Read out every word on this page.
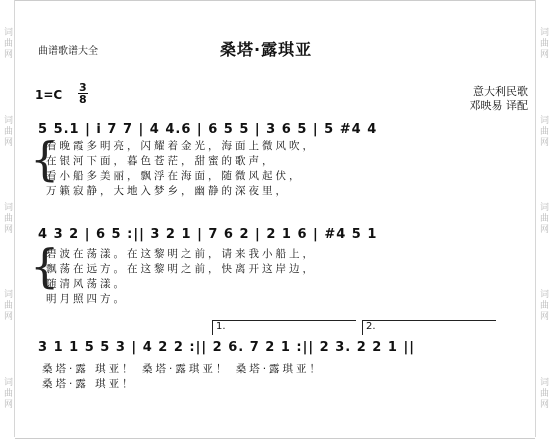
词曲网
词曲网
词曲网
词曲网
词曲网
词曲网
词曲网
词曲网
词曲网
词曲网
曲谱歌谱大全	桑塔·露琪亚
1=C
3
8
意大利民歌
邓映易 译配
5 5.1 | i 7 7 | 4 4.6 | 6 5 5 | 3 6 5 | 5 #4 4
{
看晚霞多明亮，闪耀着金光，海面上微风吹，
在银河下面，暮色苍茫，甜蜜的歌声，
看小船多美丽，飘浮在海面，随微风起伏，
万籁寂静，大地入梦乡，幽静的深夜里，
4 3 2 | 6 5 :|| 3 2 1 | 7 6 2 | 2 1 6 | #4 5 1
{
碧波在荡漾。在这黎明之前，请来我小船上，
飘荡在远方。在这黎明之前，快离开这岸边，
随清风荡漾。
明月照四方。
1.	2.
3 1 1 5 5 3 | 4 2 2 :|| 2 6. 7 2 1 :|| 2 3. 2 2 1 ||
桑塔·露 琪亚！ 桑塔·露琪亚！ 桑塔·露琪亚！
桑塔·露 琪亚！
